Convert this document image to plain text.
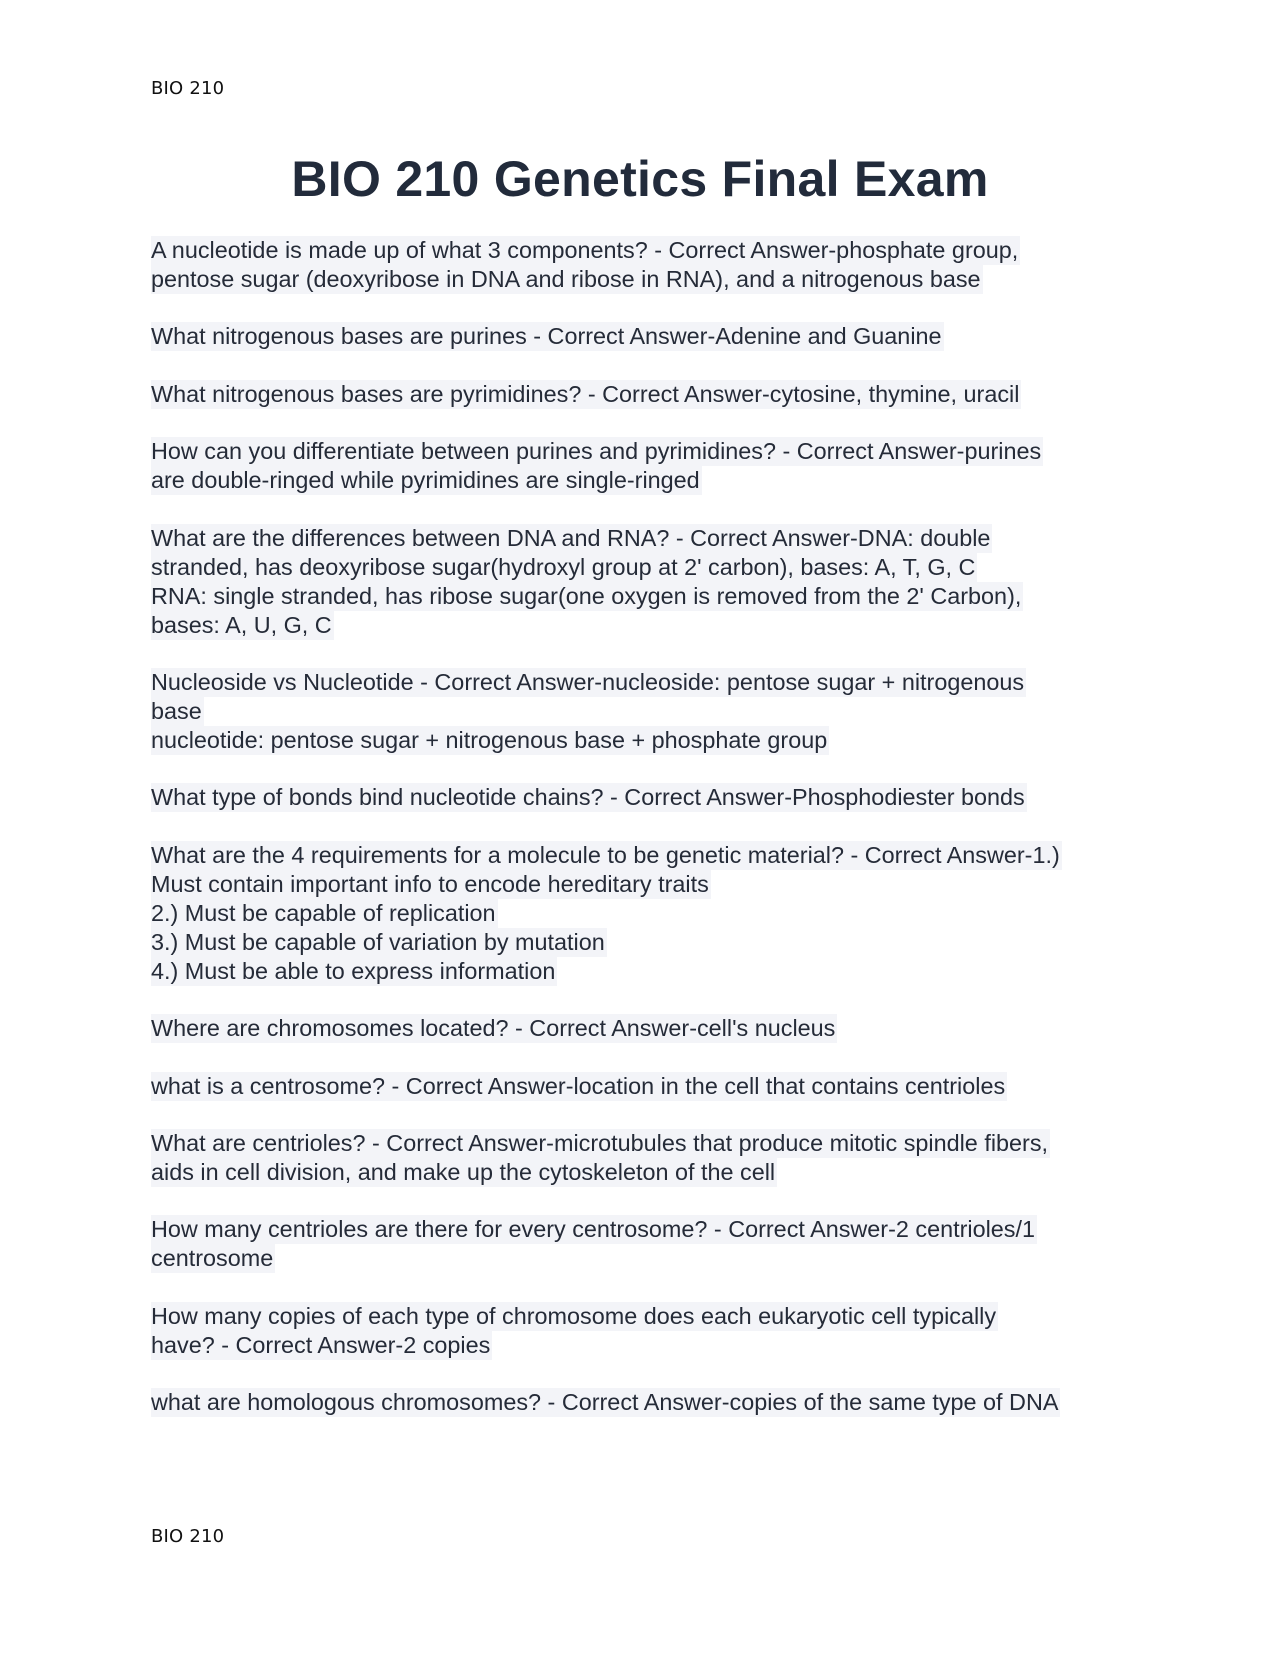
BIO 210
BIO 210 Genetics Final Exam
A nucleotide is made up of what 3 components? - Correct Answer-phosphate group,
pentose sugar (deoxyribose in DNA and ribose in RNA), and a nitrogenous base
What nitrogenous bases are purines - Correct Answer-Adenine and Guanine
What nitrogenous bases are pyrimidines? - Correct Answer-cytosine, thymine, uracil
How can you differentiate between purines and pyrimidines? - Correct Answer-purines
are double-ringed while pyrimidines are single-ringed
What are the differences between DNA and RNA? - Correct Answer-DNA: double
stranded, has deoxyribose sugar(hydroxyl group at 2' carbon), bases: A, T, G, C
RNA: single stranded, has ribose sugar(one oxygen is removed from the 2' Carbon),
bases: A, U, G, C
Nucleoside vs Nucleotide - Correct Answer-nucleoside: pentose sugar + nitrogenous
base
nucleotide: pentose sugar + nitrogenous base + phosphate group
What type of bonds bind nucleotide chains? - Correct Answer-Phosphodiester bonds
What are the 4 requirements for a molecule to be genetic material? - Correct Answer-1.)
Must contain important info to encode hereditary traits
2.) Must be capable of replication
3.) Must be capable of variation by mutation
4.) Must be able to express information
Where are chromosomes located? - Correct Answer-cell's nucleus
what is a centrosome? - Correct Answer-location in the cell that contains centrioles
What are centrioles? - Correct Answer-microtubules that produce mitotic spindle fibers,
aids in cell division, and make up the cytoskeleton of the cell
How many centrioles are there for every centrosome? - Correct Answer-2 centrioles/1
centrosome
How many copies of each type of chromosome does each eukaryotic cell typically
have? - Correct Answer-2 copies
what are homologous chromosomes? - Correct Answer-copies of the same type of DNA
BIO 210
